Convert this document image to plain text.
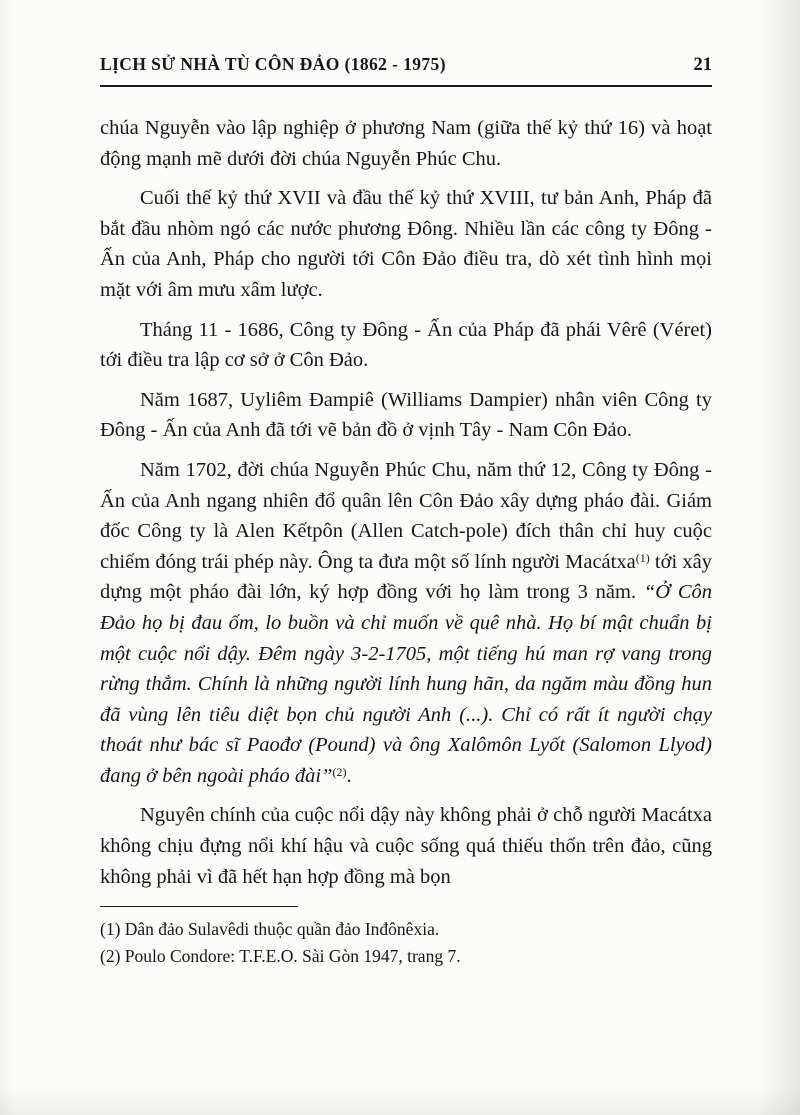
LỊCH SỬ NHÀ TÙ CÔN ĐẢO (1862 - 1975)	21

chúa Nguyễn vào lập nghiệp ở phương Nam (giữa thế kỷ thứ 16) và hoạt động mạnh mẽ dưới đời chúa Nguyễn Phúc Chu.

Cuối thế kỷ thứ XVII và đầu thế kỷ thứ XVIII, tư bản Anh, Pháp đã bắt đầu nhòm ngó các nước phương Đông. Nhiều lần các công ty Đông - Ấn của Anh, Pháp cho người tới Côn Đảo điều tra, dò xét tình hình mọi mặt với âm mưu xâm lược.

Tháng 11 - 1686, Công ty Đông - Ấn của Pháp đã phái Vêrê (Véret) tới điều tra lập cơ sở ở Côn Đảo.

Năm 1687, Uyliêm Đampiê (Williams Dampier) nhân viên Công ty Đông - Ấn của Anh đã tới vẽ bản đồ ở vịnh Tây - Nam Côn Đảo.

Năm 1702, đời chúa Nguyễn Phúc Chu, năm thứ 12, Công ty Đông - Ấn của Anh ngang nhiên đổ quân lên Côn Đảo xây dựng pháo đài. Giám đốc Công ty là Alen Kếtpôn (Allen Catch-pole) đích thân chỉ huy cuộc chiếm đóng trái phép này. Ông ta đưa một số lính người Macátxa$^{(1)}$ tới xây dựng một pháo đài lớn, ký hợp đồng với họ làm trong 3 năm. “Ở Côn Đảo họ bị đau ốm, lo buồn và chỉ muốn về quê nhà. Họ bí mật chuẩn bị một cuộc nổi dậy. Đêm ngày 3-2-1705, một tiếng hú man rợ vang trong rừng thẳm. Chính là những người lính hung hãn, da ngăm màu đồng hun đã vùng lên tiêu diệt bọn chủ người Anh (...). Chỉ có rất ít người chạy thoát như bác sĩ Paođơ (Pound) và ông Xalômôn Lyốt (Salomon Llyod) đang ở bên ngoài pháo đài”$^{(2)}$.

Nguyên chính của cuộc nổi dậy này không phải ở chỗ người Macátxa không chịu đựng nổi khí hậu và cuộc sống quá thiếu thốn trên đảo, cũng không phải vì đã hết hạn hợp đồng mà bọn

(1) Dân đảo Sulavêdi thuộc quần đảo Inđônêxia.

(2) Poulo Condore: T.F.E.O. Sài Gòn 1947, trang 7.
